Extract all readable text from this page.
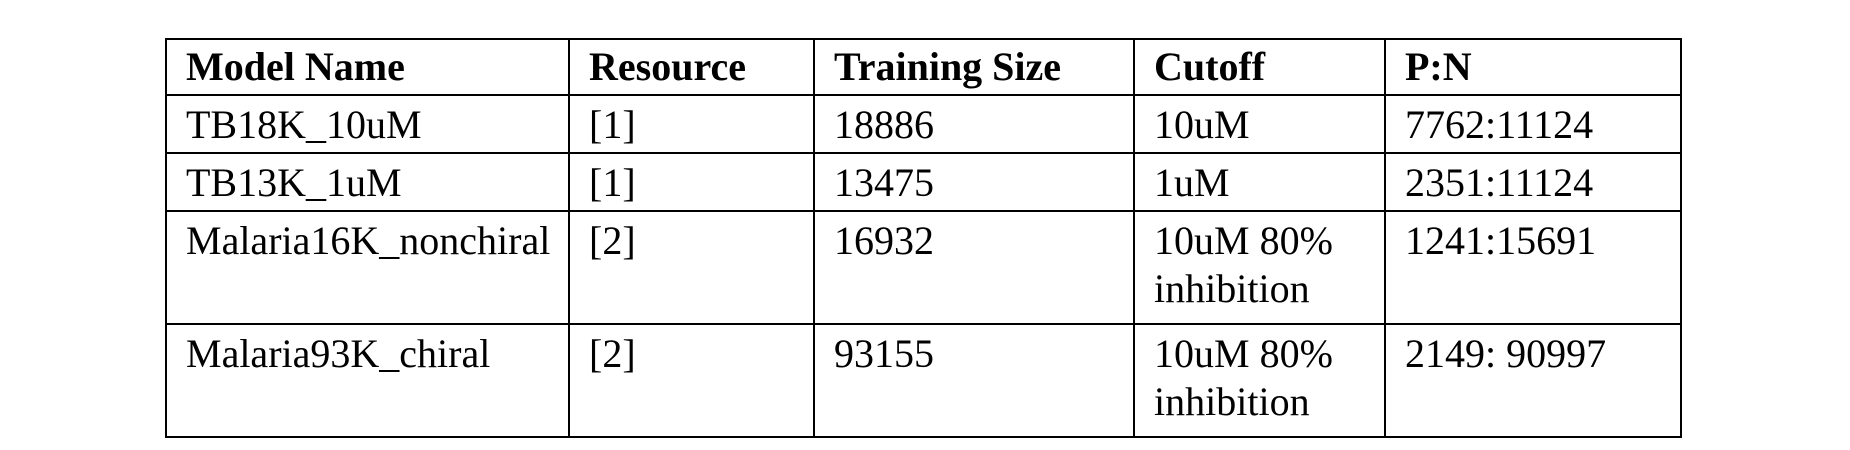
Model Name	Resource	Training Size	Cutoff	P:N
TB18K_10uM	[1]	18886	10uM	7762:11124
TB13K_1uM	[1]	13475	1uM	2351:11124
Malaria16K_nonchiral	[2]	16932	10uM 80% inhibition	1241:15691
Malaria93K_chiral	[2]	93155	10uM 80% inhibition	2149: 90997
